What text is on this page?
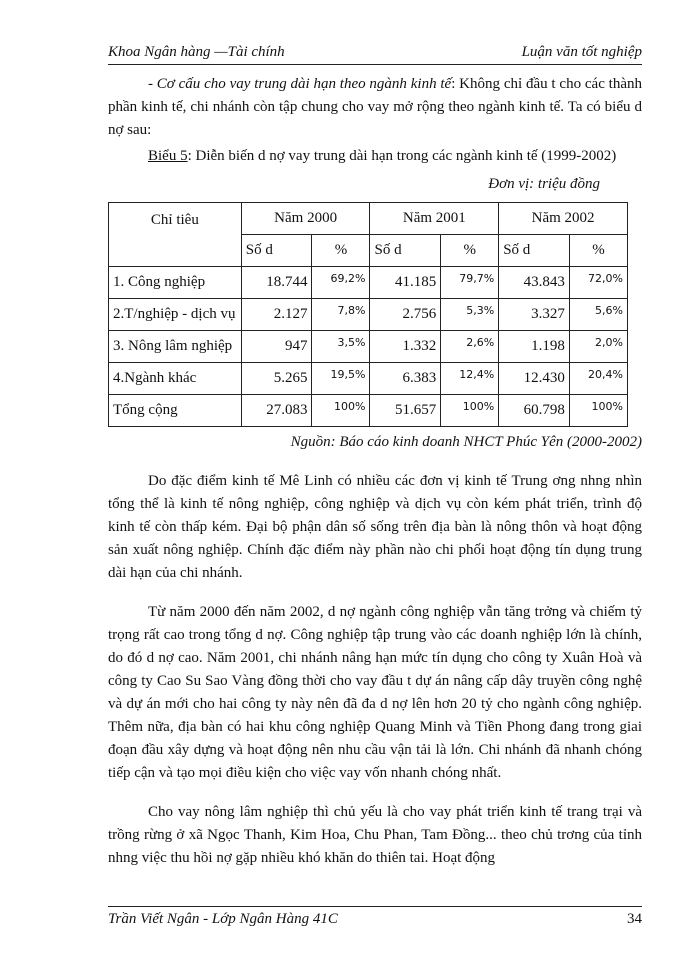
Khoa Ngân hàng —Tài chính	Luận văn tốt nghiệp

- Cơ cấu cho vay trung dài hạn theo ngành kinh tế: Không chỉ đầu t cho các thành phần kinh tế, chi nhánh còn tập chung cho vay mở rộng theo ngành kinh tế. Ta có biểu d nợ sau:

Biểu 5: Diễn biến d nợ vay trung dài hạn trong các ngành kinh tế (1999-2002)

Đơn vị: triệu đồng

Chỉ tiêu	Năm 2000		Năm 2001		Năm 2002	
	Số d	%	Số d	%	Số d	%
1. Công nghiệp	18.744	69,2%	41.185	79,7%	43.843	72,0%
2.T/nghiệp - dịch vụ	2.127	7,8%	2.756	5,3%	3.327	5,6%
3. Nông lâm nghiệp	947	3,5%	1.332	2,6%	1.198	2,0%
4.Ngành khác	5.265	19,5%	6.383	12,4%	12.430	20,4%
Tổng cộng	27.083	100%	51.657	100%	60.798	100%

Nguồn: Báo cáo kinh doanh NHCT Phúc Yên (2000-2002)

Do đặc điểm kinh tế Mê Linh có nhiều các đơn vị kinh tế Trung ơng nhng nhìn tổng thể là kinh tế nông nghiệp, công nghiệp và dịch vụ còn kém phát triển, trình độ kinh tế còn thấp kém. Đại bộ phận dân số sống trên địa bàn là nông thôn và hoạt động sản xuất nông nghiệp. Chính đặc điểm này phần nào chi phối hoạt động tín dụng trung dài hạn của chi nhánh.

Từ năm 2000 đến năm 2002, d nợ ngành công nghiệp vẫn tăng trởng và chiếm tỷ trọng rất cao trong tổng d nợ. Công nghiệp tập trung vào các doanh nghiệp lớn là chính, do đó d nợ cao. Năm 2001, chi nhánh nâng hạn mức tín dụng cho công ty Xuân Hoà và công ty Cao Su Sao Vàng đồng thời cho vay đầu t dự án nâng cấp dây truyền công nghệ và dự án mới cho hai công ty này nên đã đa d nợ lên hơn 20 tỷ cho ngành công nghiệp. Thêm nữa, địa bàn có hai khu công nghiệp Quang Minh và Tiền Phong đang trong giai đoạn đầu xây dựng và hoạt động nên nhu cầu vận tải là lớn. Chi nhánh đã nhanh chóng tiếp cận và tạo mọi điều kiện cho việc vay vốn nhanh chóng nhất.

Cho vay nông lâm nghiệp thì chủ yếu là cho vay phát triển kinh tế trang trại và trồng rừng ở xã Ngọc Thanh, Kim Hoa, Chu Phan, Tam Đồng... theo chủ trơng của tỉnh nhng việc thu hồi nợ gặp nhiều khó khăn do thiên tai. Hoạt động

Trần Viết Ngân - Lớp Ngân Hàng 41C	34
